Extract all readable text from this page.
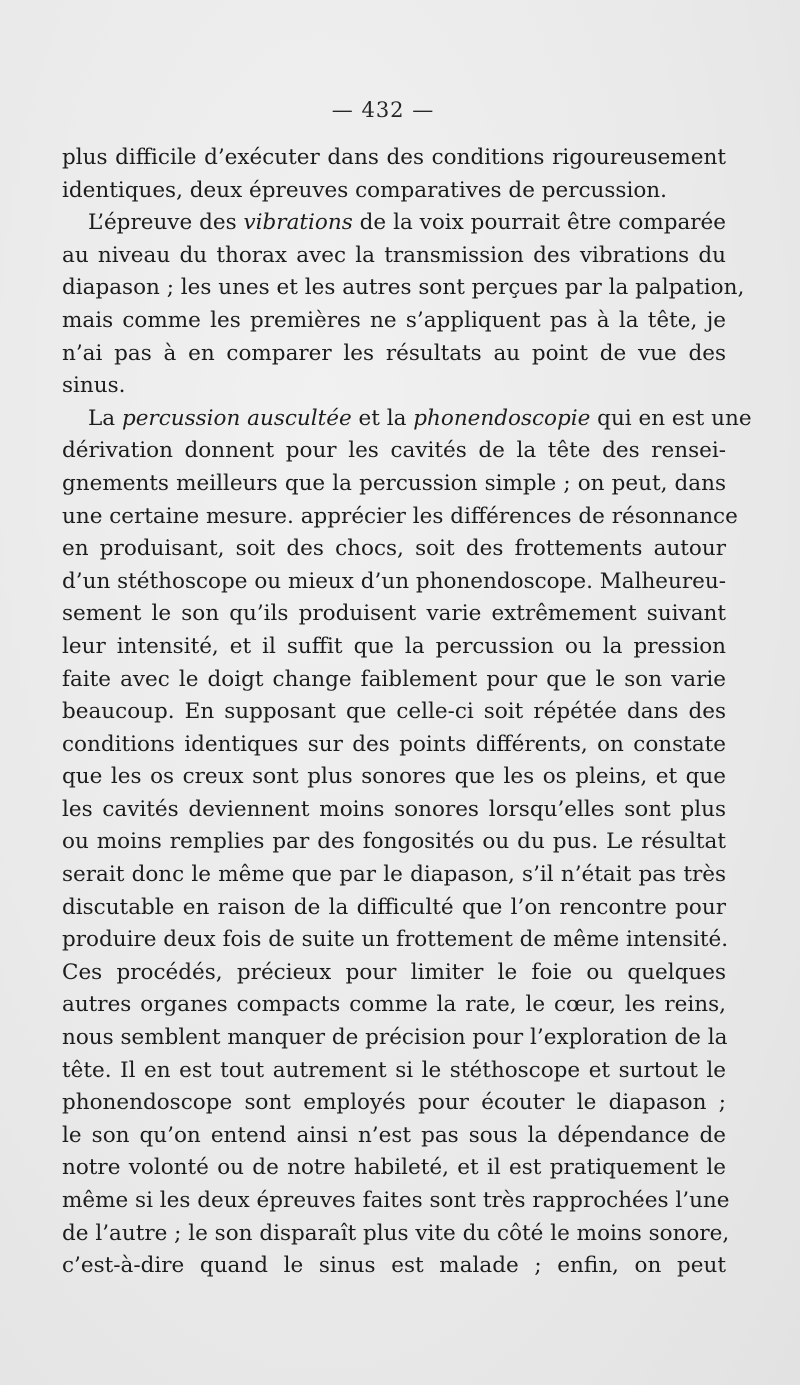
— 432 —
plus difficile d’exécuter dans des conditions rigoureusement
identiques, deux épreuves comparatives de percussion.
L’épreuve des vibrations de la voix pourrait être comparée
au niveau du thorax avec la transmission des vibrations du
diapason ; les unes et les autres sont perçues par la palpation,
mais comme les premières ne s’appliquent pas à la tête, je
n’ai pas à en comparer les résultats au point de vue des
sinus.
La percussion auscultée et la phonendoscopie qui en est une
dérivation donnent pour les cavités de la tête des rensei-
gnements meilleurs que la percussion simple ; on peut, dans
une certaine mesure. apprécier les différences de résonnance
en produisant, soit des chocs, soit des frottements autour
d’un stéthoscope ou mieux d’un phonendoscope. Malheureu-
sement le son qu’ils produisent varie extrêmement suivant
leur intensité, et il suffit que la percussion ou la pression
faite avec le doigt change faiblement pour que le son varie
beaucoup. En supposant que celle-ci soit répétée dans des
conditions identiques sur des points différents, on constate
que les os creux sont plus sonores que les os pleins, et que
les cavités deviennent moins sonores lorsqu’elles sont plus
ou moins remplies par des fongosités ou du pus. Le résultat
serait donc le même que par le diapason, s’il n’était pas très
discutable en raison de la difficulté que l’on rencontre pour
produire deux fois de suite un frottement de même intensité.
Ces procédés, précieux pour limiter le foie ou quelques
autres organes compacts comme la rate, le cœur, les reins,
nous semblent manquer de précision pour l’exploration de la
tête. Il en est tout autrement si le stéthoscope et surtout le
phonendoscope sont employés pour écouter le diapason ;
le son qu’on entend ainsi n’est pas sous la dépendance de
notre volonté ou de notre habileté, et il est pratiquement le
même si les deux épreuves faites sont très rapprochées l’une
de l’autre ; le son disparaît plus vite du côté le moins sonore,
c’est-à-dire quand le sinus est malade ; enfin, on peut
